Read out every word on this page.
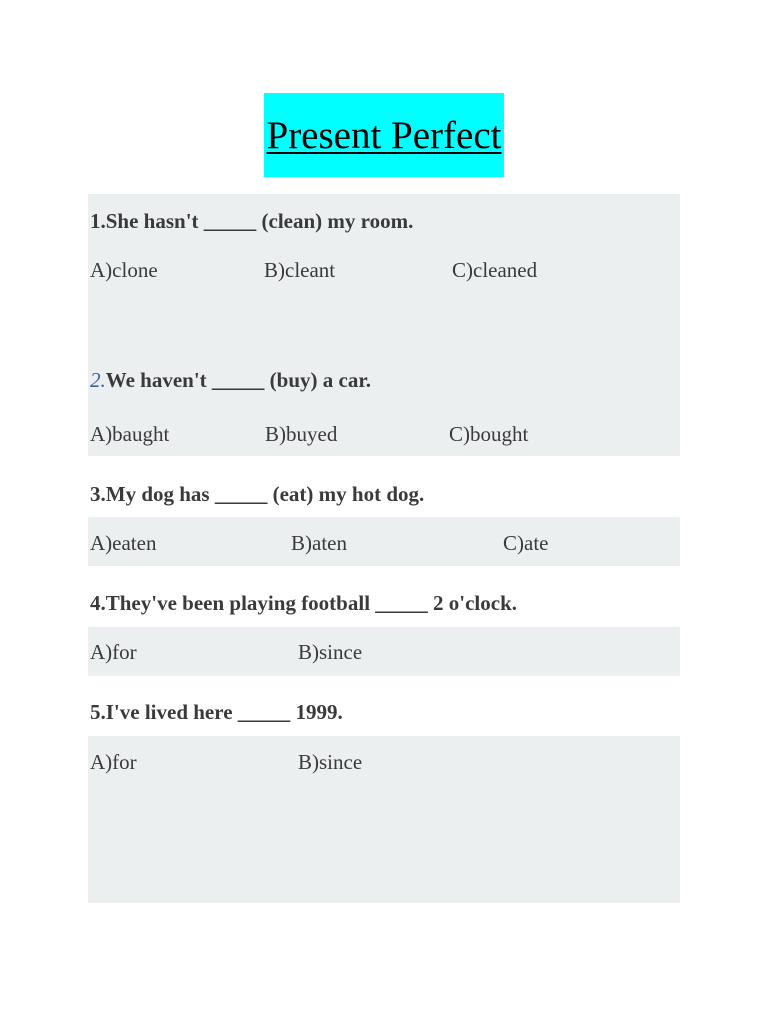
Present Perfect
1.She hasn't _____ (clean) my room.
A)clone	B)cleant	C)cleaned
2.We haven't _____ (buy) a car.
A)baught	B)buyed	C)bought
3.My dog has _____ (eat) my hot dog.
A)eaten	B)aten	C)ate
4.They've been playing football _____ 2 o'clock.
A)for	B)since
5.I've lived here _____ 1999.
A)for	B)since
